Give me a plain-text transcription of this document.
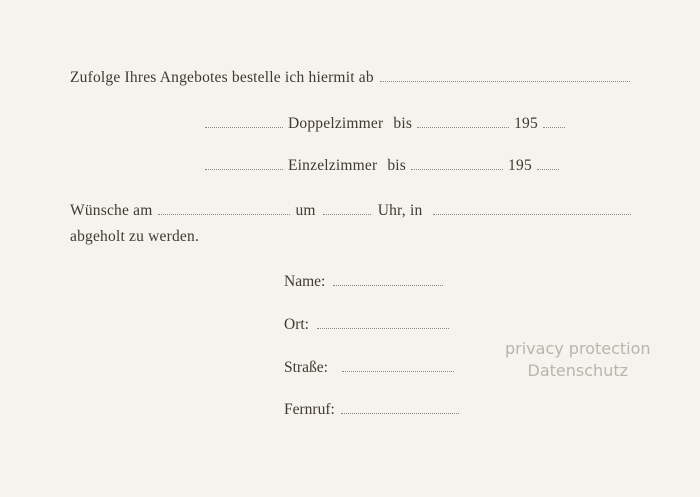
Zufolge Ihres Angebotes bestelle ich hiermit ab
Doppelzimmer bis	195
Einzelzimmer bis	195
Wünsche am	um	Uhr, in
abgeholt zu werden.
Name:
Ort:
Straße:
Fernruf:
privacy protection
Datenschutz
